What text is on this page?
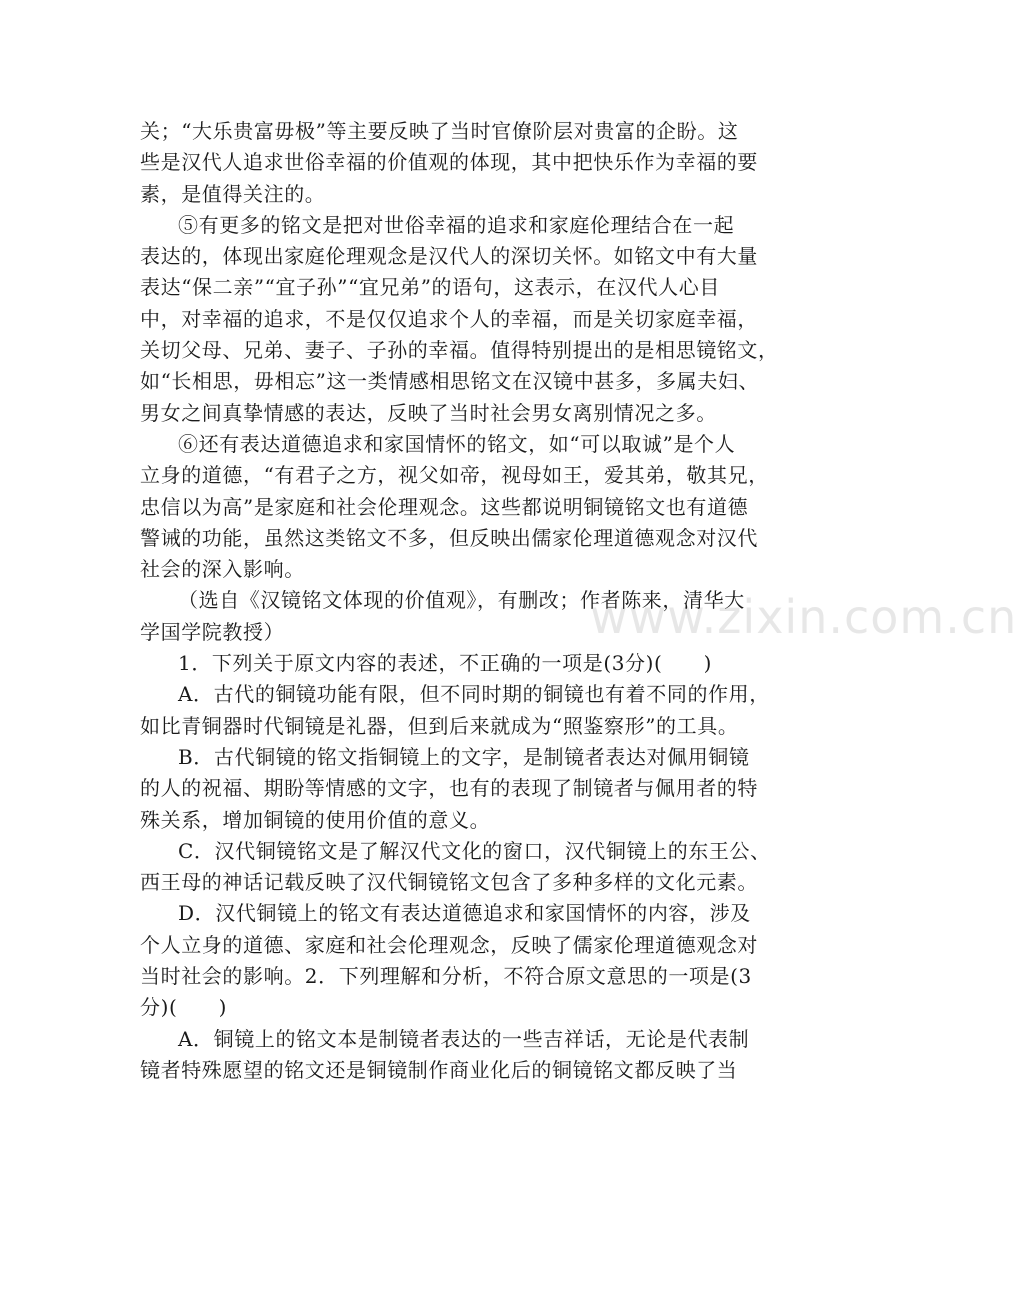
www.zixin.com.cn
关；“大乐贵富毋极”等主要反映了当时官僚阶层对贵富的企盼。这
些是汉代人追求世俗幸福的价值观的体现，其中把快乐作为幸福的要
素，是值得关注的。
⑤有更多的铭文是把对世俗幸福的追求和家庭伦理结合在一起
表达的，体现出家庭伦理观念是汉代人的深切关怀。如铭文中有大量
表达“保二亲”“宜子孙”“宜兄弟”的语句，这表示，在汉代人心目
中，对幸福的追求，不是仅仅追求个人的幸福，而是关切家庭幸福，
关切父母、兄弟、妻子、子孙的幸福。值得特别提出的是相思镜铭文，
如“长相思，毋相忘”这一类情感相思铭文在汉镜中甚多，多属夫妇、
男女之间真挚情感的表达，反映了当时社会男女离别情况之多。
⑥还有表达道德追求和家国情怀的铭文，如“可以取诚”是个人
立身的道德，“有君子之方，视父如帝，视母如王，爱其弟，敬其兄，
忠信以为高”是家庭和社会伦理观念。这些都说明铜镜铭文也有道德
警诫的功能，虽然这类铭文不多，但反映出儒家伦理道德观念对汉代
社会的深入影响。
（选自《汉镜铭文体现的价值观》，有删改；作者陈来，清华大
学国学院教授）
1．下列关于原文内容的表述，不正确的一项是(3分)(　　)
A．古代的铜镜功能有限，但不同时期的铜镜也有着不同的作用，
如比青铜器时代铜镜是礼器，但到后来就成为“照鉴察形”的工具。
B．古代铜镜的铭文指铜镜上的文字，是制镜者表达对佩用铜镜
的人的祝福、期盼等情感的文字，也有的表现了制镜者与佩用者的特
殊关系，增加铜镜的使用价值的意义。
C．汉代铜镜铭文是了解汉代文化的窗口，汉代铜镜上的东王公、
西王母的神话记载反映了汉代铜镜铭文包含了多种多样的文化元素。
D．汉代铜镜上的铭文有表达道德追求和家国情怀的内容，涉及
个人立身的道德、家庭和社会伦理观念，反映了儒家伦理道德观念对
当时社会的影响。2．下列理解和分析，不符合原文意思的一项是(3
分)(　　)
A．铜镜上的铭文本是制镜者表达的一些吉祥话，无论是代表制
镜者特殊愿望的铭文还是铜镜制作商业化后的铜镜铭文都反映了当
